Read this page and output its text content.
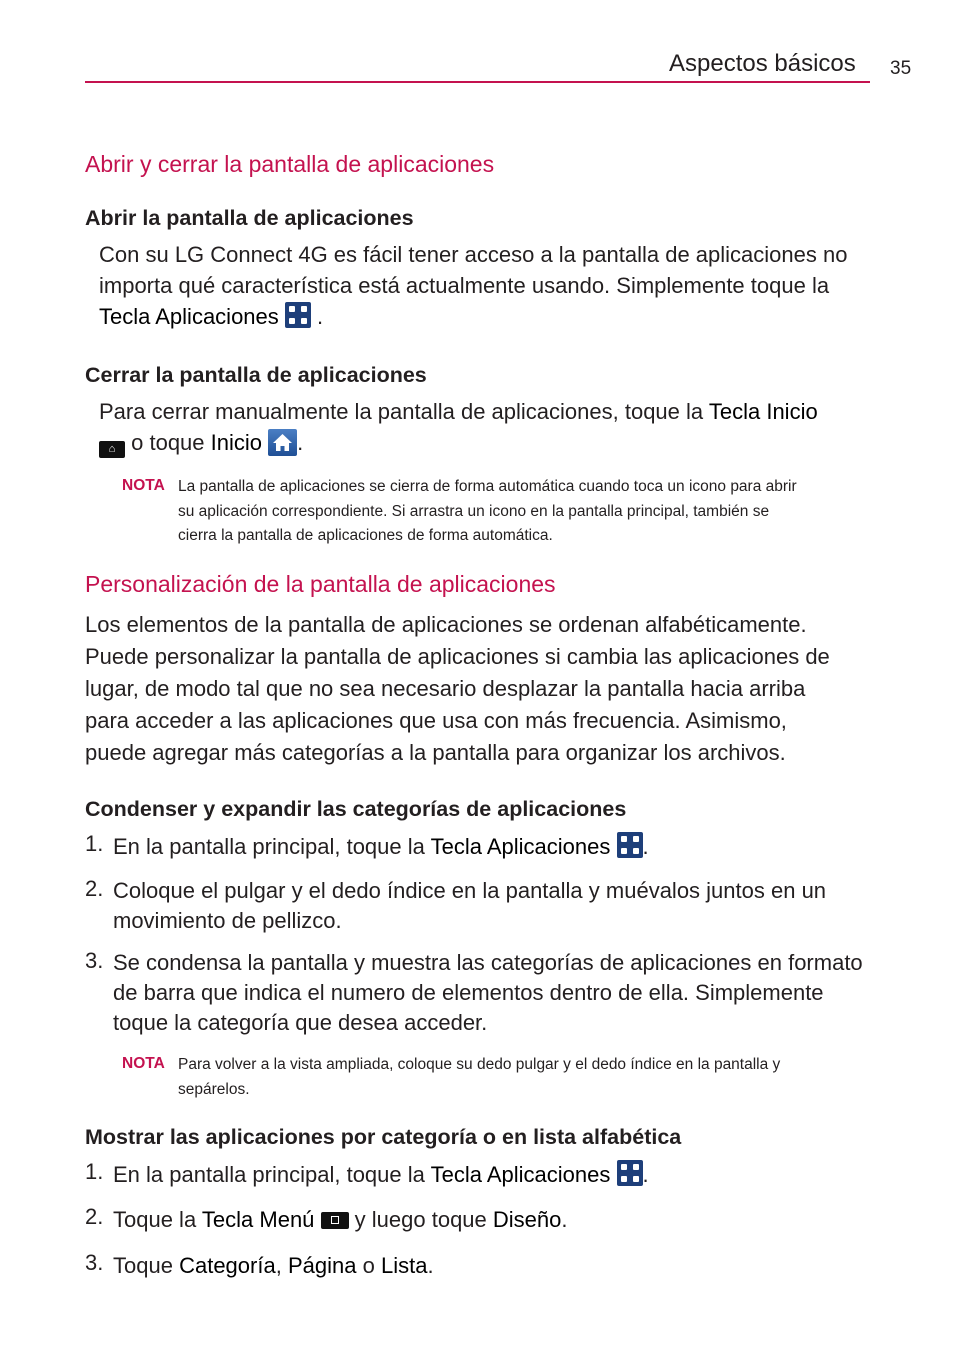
Aspectos básicos 35
Abrir y cerrar la pantalla de aplicaciones
Abrir la pantalla de aplicaciones
Con su LG Connect 4G es fácil tener acceso a la pantalla de aplicaciones no
importa qué característica está actualmente usando. Simplemente toque la
Tecla Aplicaciones .
Cerrar la pantalla de aplicaciones
Para cerrar manualmente la pantalla de aplicaciones, toque la Tecla Inicio
⌂ o toque Inicio .
NOTA La pantalla de aplicaciones se cierra de forma automática cuando toca un icono para abrir
su aplicación correspondiente. Si arrastra un icono en la pantalla principal, también se
cierra la pantalla de aplicaciones de forma automática.
Personalización de la pantalla de aplicaciones
Los elementos de la pantalla de aplicaciones se ordenan alfabéticamente.
Puede personalizar la pantalla de aplicaciones si cambia las aplicaciones de
lugar, de modo tal que no sea necesario desplazar la pantalla hacia arriba
para acceder a las aplicaciones que usa con más frecuencia. Asimismo,
puede agregar más categorías a la pantalla para organizar los archivos.
Condenser y expandir las categorías de aplicaciones
1. En la pantalla principal, toque la Tecla Aplicaciones .
2. Coloque el pulgar y el dedo índice en la pantalla y muévalos juntos en un
movimiento de pellizco.
3. Se condensa la pantalla y muestra las categorías de aplicaciones en formato
de barra que indica el numero de elementos dentro de ella. Simplemente
toque la categoría que desea acceder.
NOTA Para volver a la vista ampliada, coloque su dedo pulgar y el dedo índice en la pantalla y
sepárelos.
Mostrar las aplicaciones por categoría o en lista alfabética
1. En la pantalla principal, toque la Tecla Aplicaciones .
2. Toque la Tecla Menú y luego toque Diseño.
3. Toque Categoría, Página o Lista.
